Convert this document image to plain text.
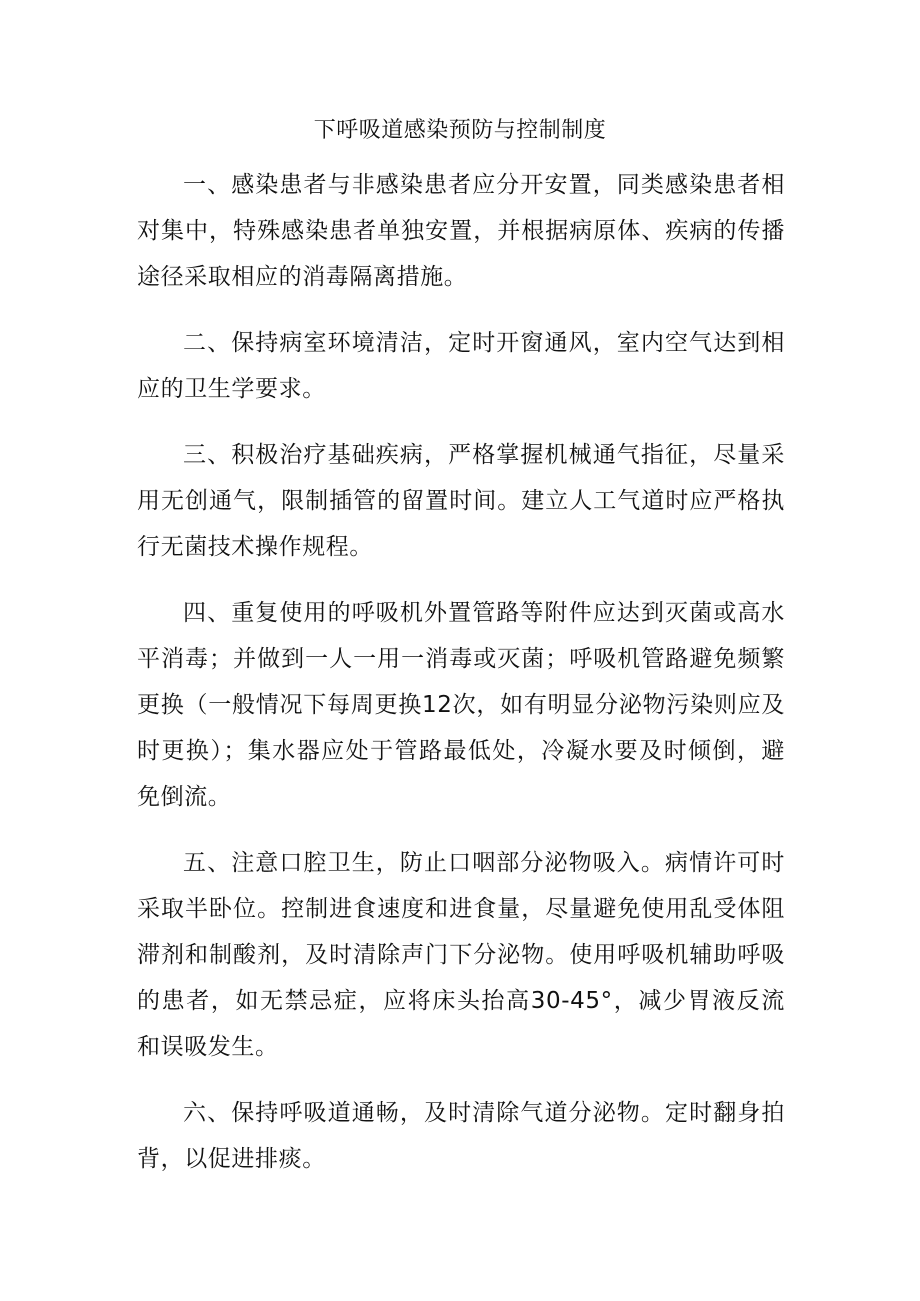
下呼吸道感染预防与控制制度

一、感染患者与非感染患者应分开安置，同类感染患者相对集中，特殊感染患者单独安置，并根据病原体、疾病的传播途径采取相应的消毒隔离措施。

二、保持病室环境清洁，定时开窗通风，室内空气达到相应的卫生学要求。

三、积极治疗基础疾病，严格掌握机械通气指征，尽量采用无创通气，限制插管的留置时间。建立人工气道时应严格执行无菌技术操作规程。

四、重复使用的呼吸机外置管路等附件应达到灭菌或高水平消毒；并做到一人一用一消毒或灭菌；呼吸机管路避免频繁更换（一般情况下每周更换12次，如有明显分泌物污染则应及时更换）；集水器应处于管路最低处，冷凝水要及时倾倒，避免倒流。

五、注意口腔卫生，防止口咽部分泌物吸入。病情许可时采取半卧位。控制进食速度和进食量，尽量避免使用乱受体阻滞剂和制酸剂，及时清除声门下分泌物。使用呼吸机辅助呼吸的患者，如无禁忌症，应将床头抬高30-45°，减少胃液反流和误吸发生。

六、保持呼吸道通畅，及时清除气道分泌物。定时翻身拍背，以促进排痰。
